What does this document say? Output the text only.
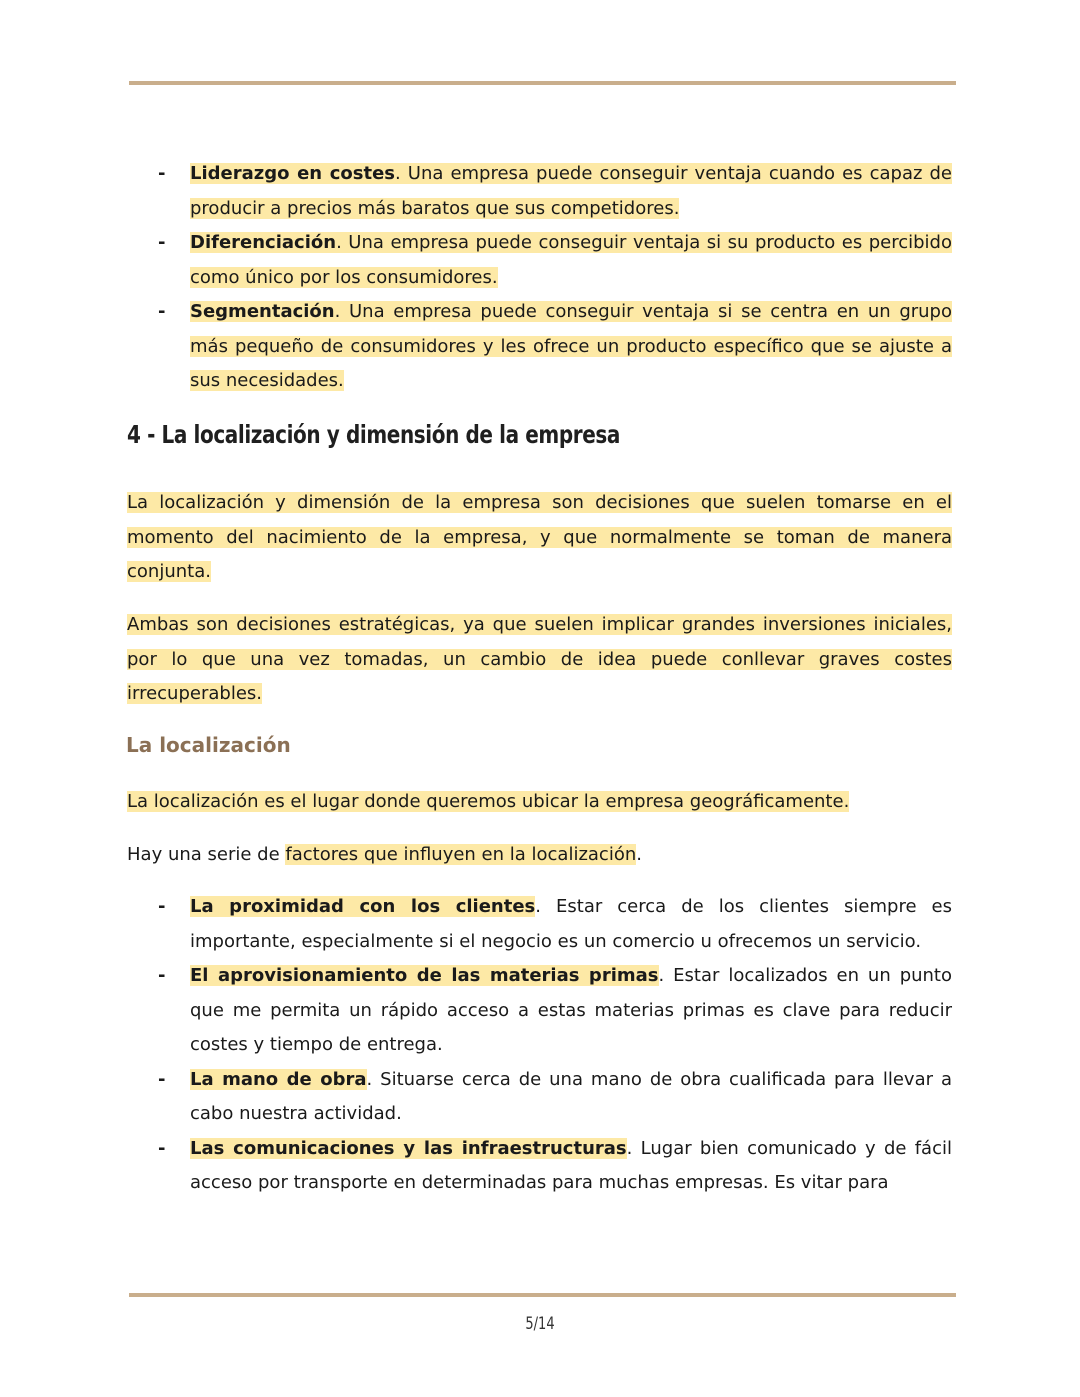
- Liderazgo en costes. Una empresa puede conseguir ventaja cuando es capaz de producir a precios más baratos que sus competidores.
- Diferenciación. Una empresa puede conseguir ventaja si su producto es percibido como único por los consumidores.
- Segmentación. Una empresa puede conseguir ventaja si se centra en un grupo más pequeño de consumidores y les ofrece un producto específico que se ajuste a sus necesidades.
4 - La localización y dimensión de la empresa

La localización y dimensión de la empresa son decisiones que suelen tomarse en el momento del nacimiento de la empresa, y que normalmente se toman de manera conjunta.

Ambas son decisiones estratégicas, ya que suelen implicar grandes inversiones iniciales, por lo que una vez tomadas, un cambio de idea puede conllevar graves costes irrecuperables.

La localización

La localización es el lugar donde queremos ubicar la empresa geográficamente.

Hay una serie de factores que influyen en la localización.

- La proximidad con los clientes. Estar cerca de los clientes siempre es importante, especialmente si el negocio es un comercio u ofrecemos un servicio.
- El aprovisionamiento de las materias primas. Estar localizados en un punto que me permita un rápido acceso a estas materias primas es clave para reducir costes y tiempo de entrega.
- La mano de obra. Situarse cerca de una mano de obra cualificada para llevar a cabo nuestra actividad.
- Las comunicaciones y las infraestructuras. Lugar bien comunicado y de fácil acceso por transporte en determinadas para muchas empresas. Es vitar para
5/14
